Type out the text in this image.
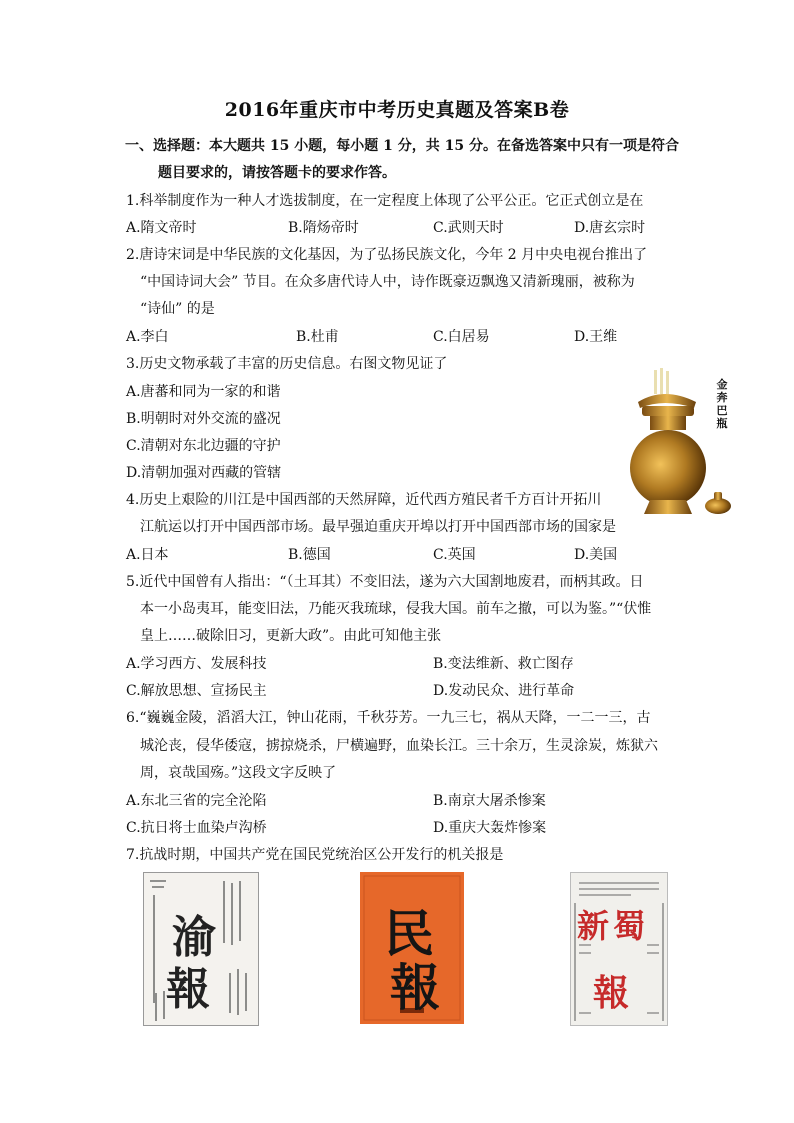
2016年重庆市中考历史真题及答案B卷
一、选择题：本大题共 15 小题，每小题 1 分，共 15 分。在备选答案中只有一项是符合
题目要求的，请按答题卡的要求作答。
1.科举制度作为一种人才选拔制度，在一定程度上体现了公平公正。它正式创立是在
A.隋文帝时	B.隋炀帝时	C.武则天时	D.唐玄宗时
2.唐诗宋词是中华民族的文化基因，为了弘扬民族文化，今年 2 月中央电视台推出了
“中国诗词大会” 节目。在众多唐代诗人中，诗作既豪迈飘逸又清新瑰丽，被称为
“诗仙” 的是
A.李白	B.杜甫	C.白居易	D.王维
3.历史文物承载了丰富的历史信息。右图文物见证了
A.唐蕃和同为一家的和谐
B.明朝时对外交流的盛况
C.清朝对东北边疆的守护
D.清朝加强对西藏的管辖
金奔巴瓶
4.历史上艰险的川江是中国西部的天然屏障，近代西方殖民者千方百计开拓川
江航运以打开中国西部市场。最早强迫重庆开埠以打开中国西部市场的国家是
A.日本	B.德国	C.英国	D.美国
5.近代中国曾有人指出：“（土耳其）不变旧法，遂为六大国割地废君，而柄其政。日
本一小岛夷耳，能变旧法，乃能灭我琉球，侵我大国。前车之撤，可以为鉴。”“伏惟
皇上……破除旧习，更新大政”。由此可知他主张
A.学习西方、发展科技	B.变法维新、救亡图存
C.解放思想、宣扬民主	D.发动民众、进行革命
6.“巍巍金陵，滔滔大江，钟山花雨，千秋芬芳。一九三七，祸从天降，一二一三，古
城沦丧，侵华倭寇，掳掠烧杀，尸横遍野，血染长江。三十余万，生灵涂炭，炼狱六
周，哀哉国殇。”这段文字反映了
A.东北三省的完全沦陷	B.南京大屠杀惨案
C.抗日将士血染卢沟桥	D.重庆大轰炸惨案
7.抗战时期，中国共产党在国民党统治区公开发行的机关报是
渝
報
民
報
新 蜀
報
